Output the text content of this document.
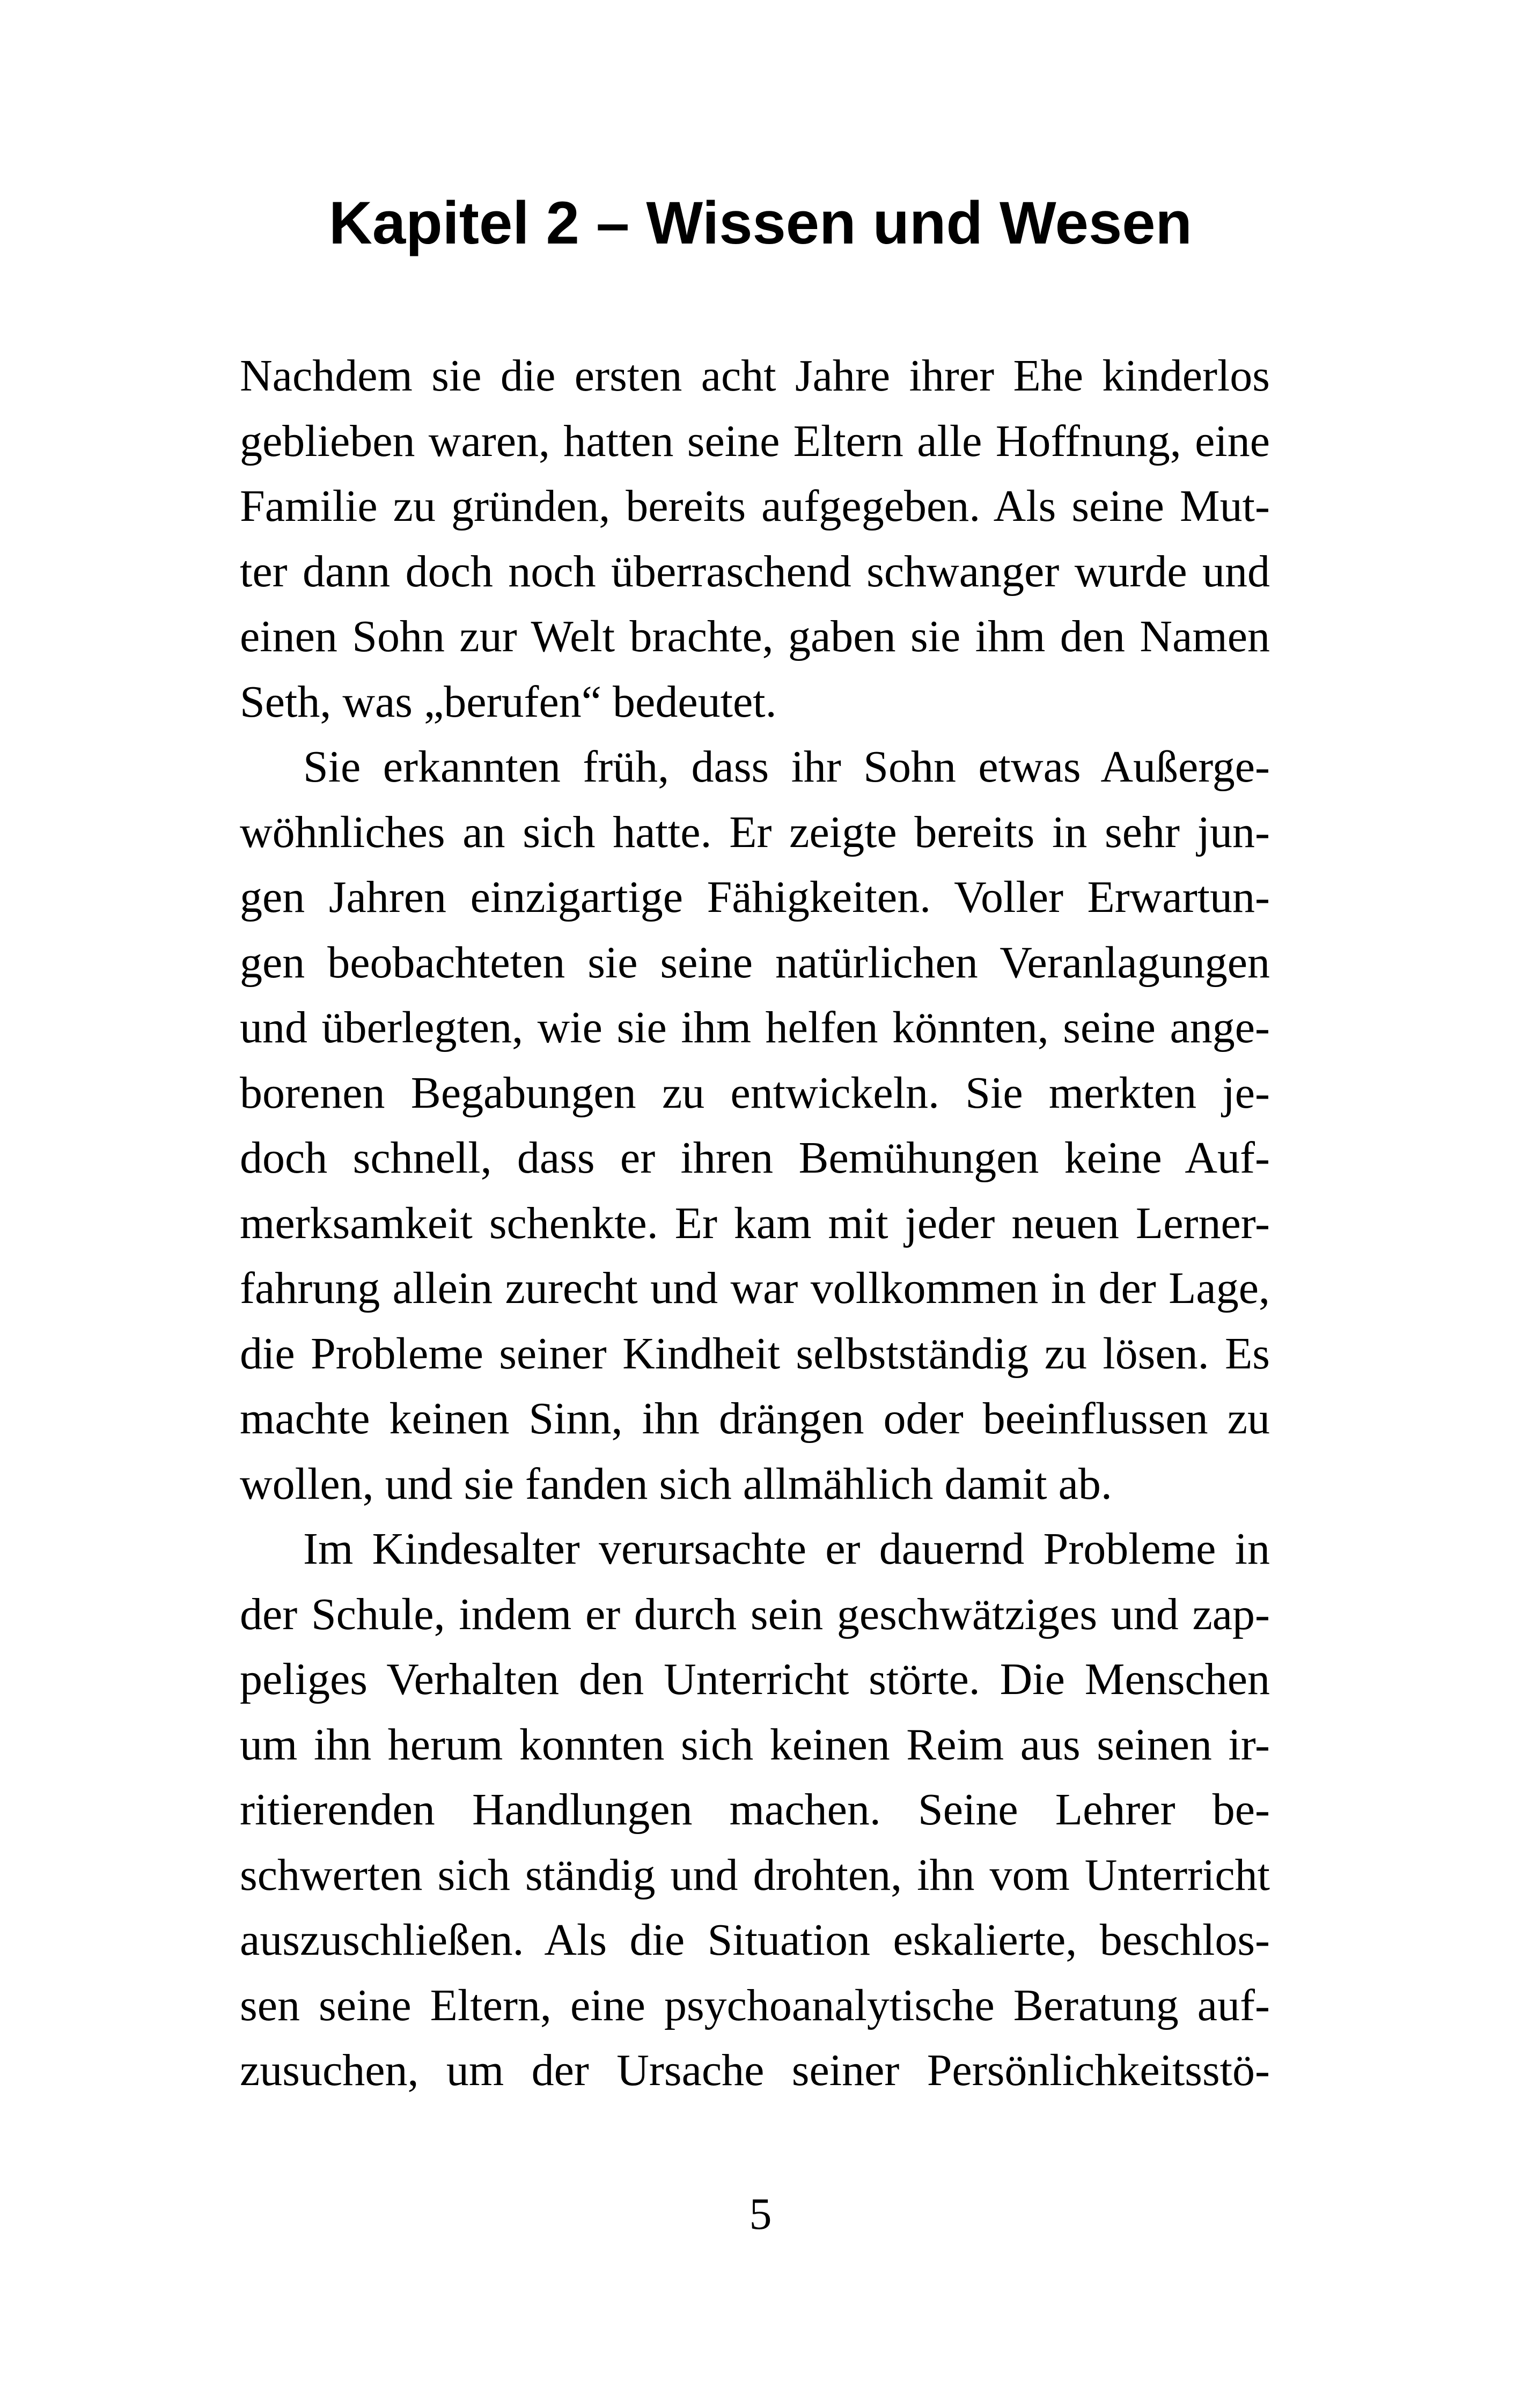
Kapitel 2 – Wissen und Wesen
Nachdem sie die ersten acht Jahre ihrer Ehe kinderlos
geblieben waren, hatten seine Eltern alle Hoffnung, eine
Familie zu gründen, bereits aufgegeben. Als seine Mut-
ter dann doch noch überraschend schwanger wurde und
einen Sohn zur Welt brachte, gaben sie ihm den Namen
Seth, was „berufen“ bedeutet.
Sie erkannten früh, dass ihr Sohn etwas Außerge-
wöhnliches an sich hatte. Er zeigte bereits in sehr jun-
gen Jahren einzigartige Fähigkeiten. Voller Erwartun-
gen beobachteten sie seine natürlichen Veranlagungen
und überlegten, wie sie ihm helfen könnten, seine ange-
borenen Begabungen zu entwickeln. Sie merkten je-
doch schnell, dass er ihren Bemühungen keine Auf-
merksamkeit schenkte. Er kam mit jeder neuen Lerner-
fahrung allein zurecht und war vollkommen in der Lage,
die Probleme seiner Kindheit selbstständig zu lösen. Es
machte keinen Sinn, ihn drängen oder beeinflussen zu
wollen, und sie fanden sich allmählich damit ab.
Im Kindesalter verursachte er dauernd Probleme in
der Schule, indem er durch sein geschwätziges und zap-
peliges Verhalten den Unterricht störte. Die Menschen
um ihn herum konnten sich keinen Reim aus seinen ir-
ritierenden Handlungen machen. Seine Lehrer be-
schwerten sich ständig und drohten, ihn vom Unterricht
auszuschließen. Als die Situation eskalierte, beschlos-
sen seine Eltern, eine psychoanalytische Beratung auf-
zusuchen, um der Ursache seiner Persönlichkeitsstö-
5
